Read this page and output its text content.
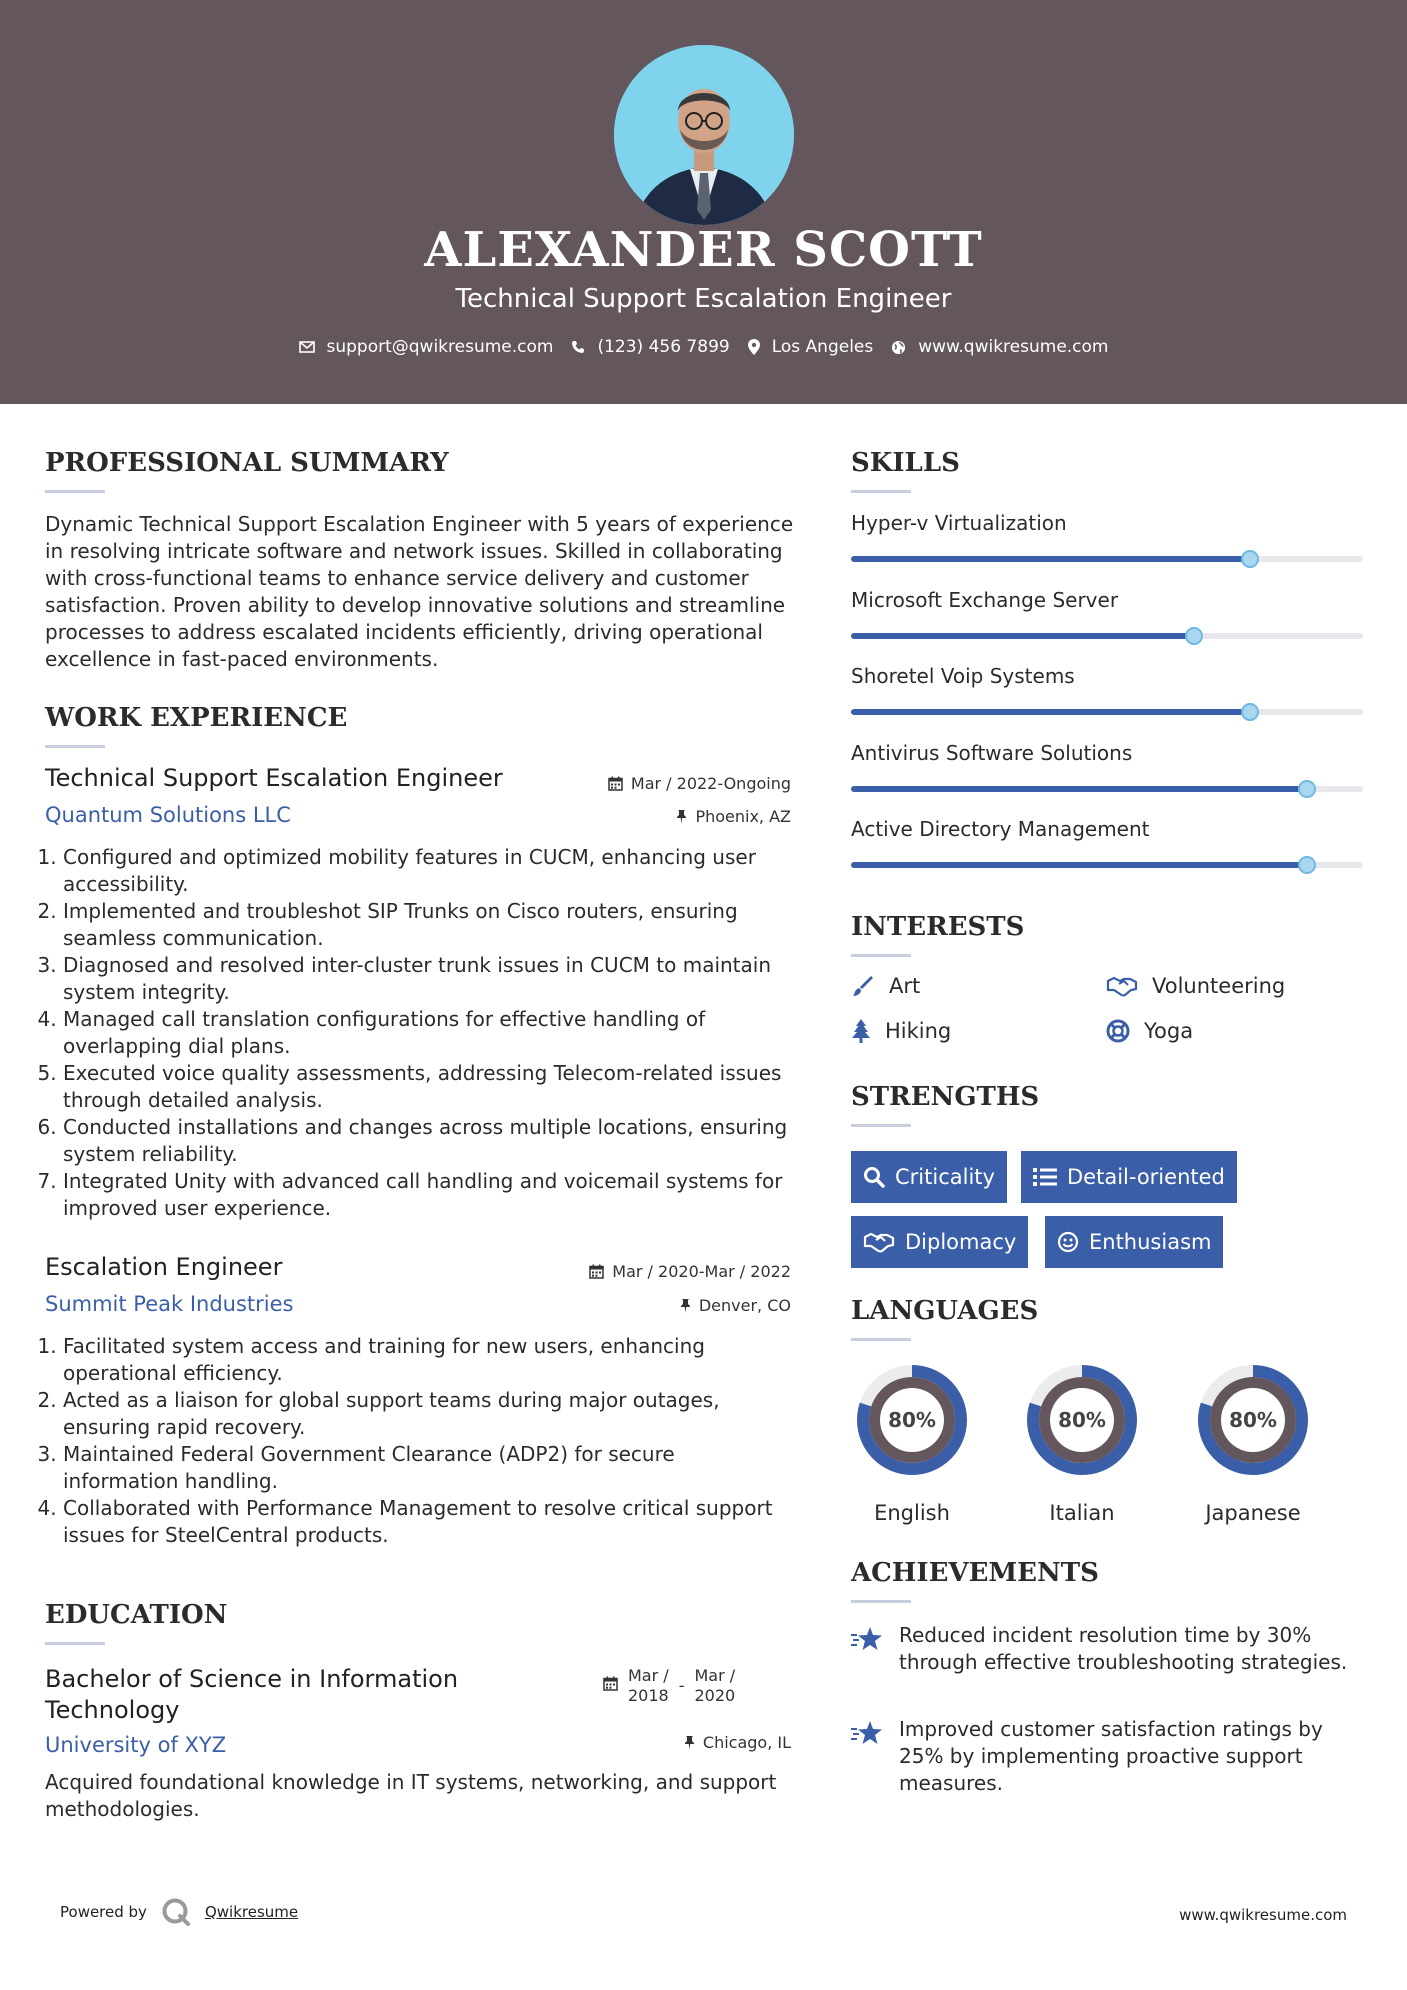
ALEXANDER SCOTT
Technical Support Escalation Engineer
support@qwikresume.com	(123) 456 7899 Los Angeles	www.qwikresume.com
PROFESSIONAL SUMMARY
Dynamic Technical Support Escalation Engineer with 5 years of experience in resolving intricate software and network issues. Skilled in collaborating with cross-functional teams to enhance service delivery and customer satisfaction. Proven ability to develop innovative solutions and streamline processes to address escalated incidents efficiently, driving operational excellence in fast-paced environments.
WORK EXPERIENCE
Technical Support Escalation Engineer	Mar / 2022-Ongoing
Quantum Solutions LLC	Phoenix, AZ
1. Configured and optimized mobility features in CUCM, enhancing user accessibility.
2. Implemented and troubleshot SIP Trunks on Cisco routers, ensuring seamless communication.
3. Diagnosed and resolved inter-cluster trunk issues in CUCM to maintain system integrity.
4. Managed call translation configurations for effective handling of overlapping dial plans.
5. Executed voice quality assessments, addressing Telecom-related issues through detailed analysis.
6. Conducted installations and changes across multiple locations, ensuring system reliability.
7. Integrated Unity with advanced call handling and voicemail systems for improved user experience.
Escalation Engineer	Mar / 2020-Mar / 2022
Summit Peak Industries	Denver, CO
1. Facilitated system access and training for new users, enhancing operational efficiency.
2. Acted as a liaison for global support teams during major outages, ensuring rapid recovery.
3. Maintained Federal Government Clearance (ADP2) for secure information handling.
4. Collaborated with Performance Management to resolve critical support issues for SteelCentral products.
EDUCATION
Bachelor of Science in Information
Technology
Mar /
2018
-
Mar /
2020
University of XYZ	Chicago, IL
Acquired foundational knowledge in IT systems, networking, and support methodologies.
SKILLS
Hyper-v Virtualization
Microsoft Exchange Server
Shoretel Voip Systems
Antivirus Software Solutions
Active Directory Management
INTERESTS
Art	Volunteering
Hiking	Yoga
STRENGTHS
Criticality	Detail-oriented
Diplomacy	Enthusiasm
LANGUAGES
80%
English
80%
Italian
80%
Japanese
ACHIEVEMENTS
Reduced incident resolution time by 30% through effective troubleshooting strategies.
Improved customer satisfaction ratings by 25% by implementing proactive support measures.
Powered by	Qwikresume	www.qwikresume.com
